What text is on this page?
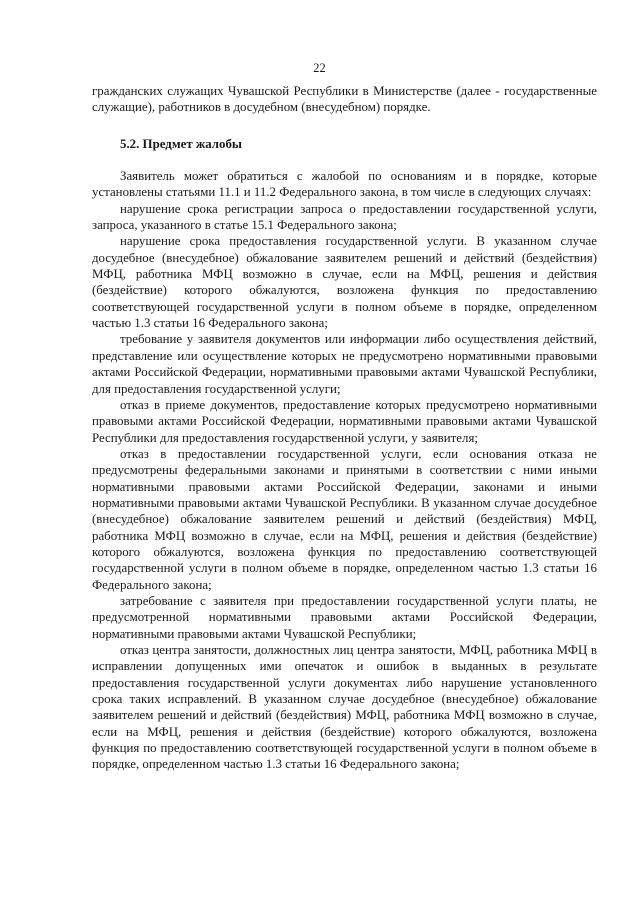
22

гражданских служащих Чувашской Республики в Министерстве (далее - государственные служащие), работников в досудебном (внесудебном) порядке.

5.2. Предмет жалобы

Заявитель может обратиться с жалобой по основаниям и в порядке, которые установлены статьями 11.1 и 11.2 Федерального закона, в том числе в следующих случаях:

нарушение срока регистрации запроса о предоставлении государственной услуги, запроса, указанного в статье 15.1 Федерального закона;

нарушение срока предоставления государственной услуги. В указанном случае досудебное (внесудебное) обжалование заявителем решений и действий (бездействия) МФЦ, работника МФЦ возможно в случае, если на МФЦ, решения и действия (бездействие) которого обжалуются, возложена функция по предоставлению соответствующей государственной услуги в полном объеме в порядке, определенном частью 1.3 статьи 16 Федерального закона;

требование у заявителя документов или информации либо осуществления действий, представление или осуществление которых не предусмотрено нормативными правовыми актами Российской Федерации, нормативными правовыми актами Чувашской Республики, для предоставления государственной услуги;

отказ в приеме документов, предоставление которых предусмотрено нормативными правовыми актами Российской Федерации, нормативными правовыми актами Чувашской Республики для предоставления государственной услуги, у заявителя;

отказ в предоставлении государственной услуги, если основания отказа не предусмотрены федеральными законами и принятыми в соответствии с ними иными нормативными правовыми актами Российской Федерации, законами и иными нормативными правовыми актами Чувашской Республики. В указанном случае досудебное (внесудебное) обжалование заявителем решений и действий (бездействия) МФЦ, работника МФЦ возможно в случае, если на МФЦ, решения и действия (бездействие) которого обжалуются, возложена функция по предоставлению соответствующей государственной услуги в полном объеме в порядке, определенном частью 1.3 статьи 16 Федерального закона;

затребование с заявителя при предоставлении государственной услуги платы, не предусмотренной нормативными правовыми актами Российской Федерации, нормативными правовыми актами Чувашской Республики;

отказ центра занятости, должностных лиц центра занятости, МФЦ, работника МФЦ в исправлении допущенных ими опечаток и ошибок в выданных в результате предоставления государственной услуги документах либо нарушение установленного срока таких исправлений. В указанном случае досудебное (внесудебное) обжалование заявителем решений и действий (бездействия) МФЦ, работника МФЦ возможно в случае, если на МФЦ, решения и действия (бездействие) которого обжалуются, возложена функция по предоставлению соответствующей государственной услуги в полном объеме в порядке, определенном частью 1.3 статьи 16 Федерального закона;
